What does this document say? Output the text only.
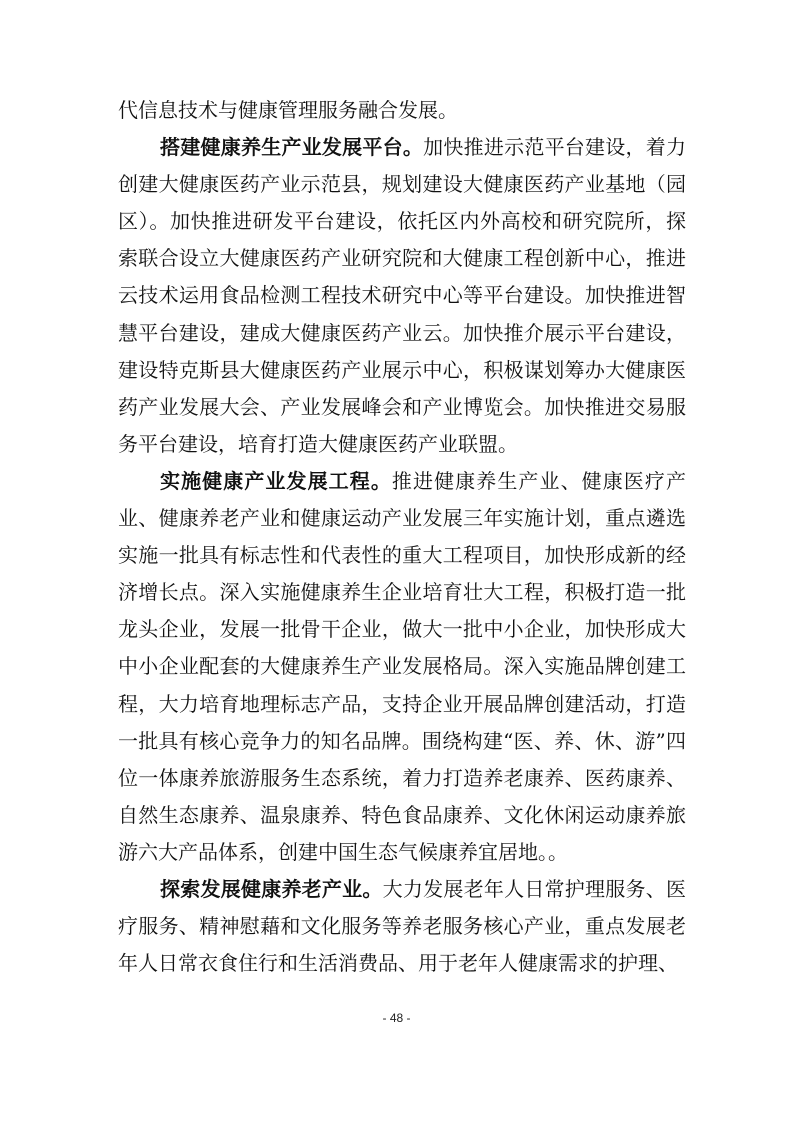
代信息技术与健康管理服务融合发展。

搭建健康养生产业发展平台。加快推进示范平台建设，着力创建大健康医药产业示范县，规划建设大健康医药产业基地（园区）。加快推进研发平台建设，依托区内外高校和研究院所，探索联合设立大健康医药产业研究院和大健康工程创新中心，推进云技术运用食品检测工程技术研究中心等平台建设。加快推进智慧平台建设，建成大健康医药产业云。加快推介展示平台建设，建设特克斯县大健康医药产业展示中心，积极谋划筹办大健康医药产业发展大会、产业发展峰会和产业博览会。加快推进交易服务平台建设，培育打造大健康医药产业联盟。

实施健康产业发展工程。推进健康养生产业、健康医疗产业、健康养老产业和健康运动产业发展三年实施计划，重点遴选实施一批具有标志性和代表性的重大工程项目，加快形成新的经济增长点。深入实施健康养生企业培育壮大工程，积极打造一批龙头企业，发展一批骨干企业，做大一批中小企业，加快形成大中小企业配套的大健康养生产业发展格局。深入实施品牌创建工程，大力培育地理标志产品，支持企业开展品牌创建活动，打造一批具有核心竞争力的知名品牌。围绕构建“医、养、休、游”四位一体康养旅游服务生态系统，着力打造养老康养、医药康养、自然生态康养、温泉康养、特色食品康养、文化休闲运动康养旅游六大产品体系，创建中国生态气候康养宜居地。。

探索发展健康养老产业。大力发展老年人日常护理服务、医疗服务、精神慰藉和文化服务等养老服务核心产业，重点发展老年人日常衣食住行和生活消费品、用于老年人健康需求的护理、

- 48 -
